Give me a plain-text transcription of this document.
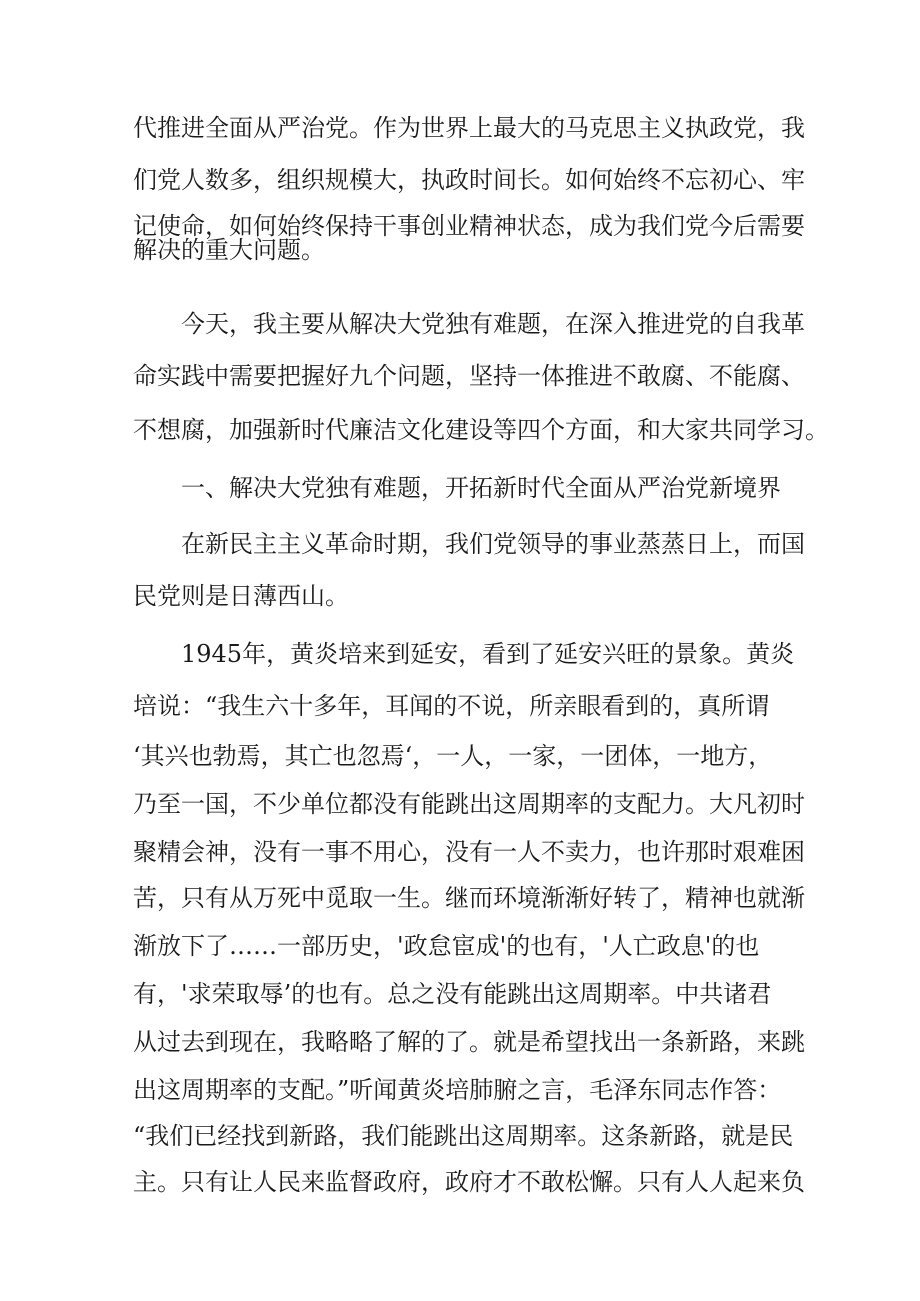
代推进全面从严治党。作为世界上最大的马克思主义执政党，我

们党人数多，组织规模大，执政时间长。如何始终不忘初心、牢

记使命，如何始终保持干事创业精神状态，成为我们党今后需要

解决的重大问题。

今天，我主要从解决大党独有难题，在深入推进党的自我革

命实践中需要把握好九个问题，坚持一体推进不敢腐、不能腐、

不想腐，加强新时代廉洁文化建设等四个方面，和大家共同学习。

一、解决大党独有难题，开拓新时代全面从严治党新境界

在新民主主义革命时期，我们党领导的事业蒸蒸日上，而国

民党则是日薄西山。

1945年，黄炎培来到延安，看到了延安兴旺的景象。黄炎

培说：“我生六十多年，耳闻的不说，所亲眼看到的，真所谓

‘其兴也勃焉，其亡也忽焉‘，一人，一家，一团体，一地方，

乃至一国，不少单位都没有能跳出这周期率的支配力。大凡初时

聚精会神，没有一事不用心，没有一人不卖力，也许那时艰难困

苦，只有从万死中觅取一生。继而环境渐渐好转了，精神也就渐

渐放下了……一部历史，'政怠宦成'的也有，'人亡政息'的也

有，'求荣取辱’的也有。总之没有能跳出这周期率。中共诸君

从过去到现在，我略略了解的了。就是希望找出一条新路，来跳

出这周期率的支配。”听闻黄炎培肺腑之言，毛泽东同志作答：

“我们已经找到新路，我们能跳出这周期率。这条新路，就是民

主。只有让人民来监督政府，政府才不敢松懈。只有人人起来负
